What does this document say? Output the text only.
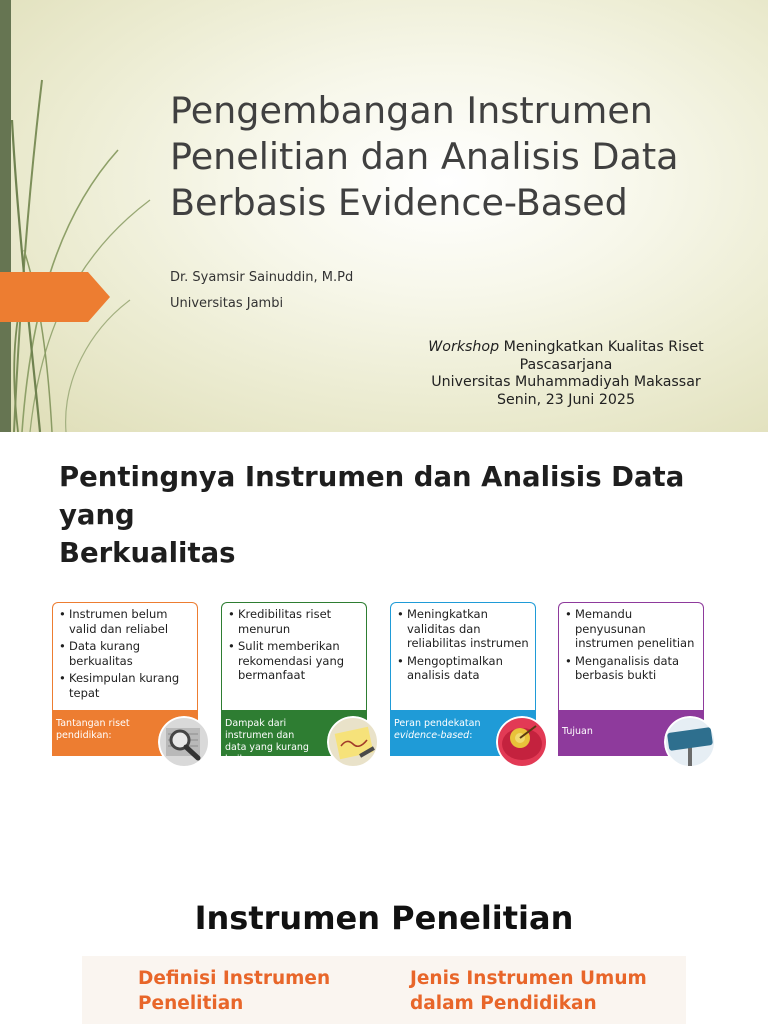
Pengembangan Instrumen
Penelitian dan Analisis Data
Berbasis Evidence-Based
Dr. Syamsir Sainuddin, M.Pd
Universitas Jambi
Workshop Meningkatkan Kualitas Riset
Pascasarjana
Universitas Muhammadiyah Makassar
Senin, 23 Juni 2025
Pentingnya Instrumen dan Analisis Data yang
Berkualitas
• Instrumen belum valid dan reliabel
• Data kurang berkualitas
• Kesimpulan kurang tepat
Tantangan riset pendidikan:
• Kredibilitas riset menurun
• Sulit memberikan rekomendasi yang bermanfaat
Dampak dari instrumen dan data yang kurang baik:
• Meningkatkan validitas dan reliabilitas instrumen
• Mengoptimalkan analisis data
Peran pendekatan evidence-based:
• Memandu penyusunan instrumen penelitian
• Menganalisis data berbasis bukti
Tujuan
Instrumen Penelitian
Definisi Instrumen
Penelitian
Jenis Instrumen Umum
dalam Pendidikan
